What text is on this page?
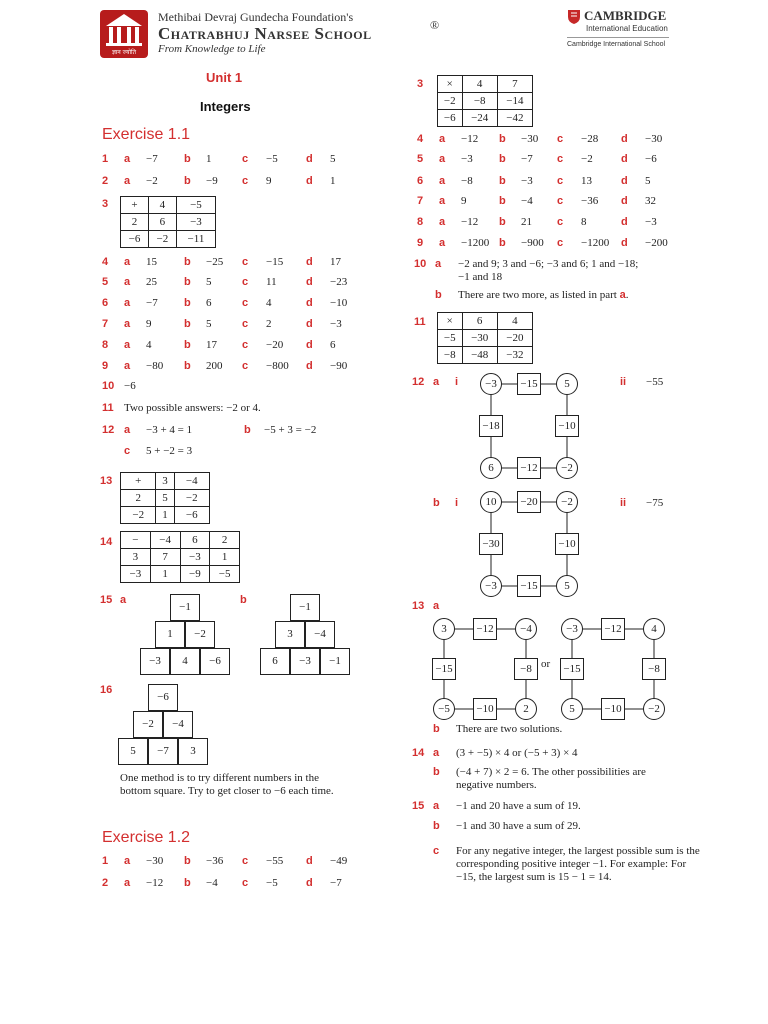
ज्ञान ज्योति
Methibai Devraj Gundecha Foundation's
Chatrabhuj Narsee School	®
From Knowledge to Life
CAMBRIDGE
International Education
Cambridge International School
Unit 1
Integers
Exercise 1.1
1 a −7 b 1	c −5	d 5
2 a −2 b −9 c 9	d 1
4 a 15 b −25 c −15 d 17
5 a 25 b 5	c 11	d −23
6 a −7 b 6	c 4	d −10
7 a 9	b 5	c 2	d −3
8 a 4	b 17 c −20 d 6
9 a −80 b 200 c −800 d −90
3 +	4	−5
2	6	−3
−6	−2	−11
10 −6
11 Two possible answers: −2 or 4.
12 a −3 + 4 = 1	b −5 + 3 = −2
c 5 + −2 = 3
13 +	3	−4
2	5	−2
−2	1	−6
14 −	−4	6	2
3	7	−3	1
−3	1	−9	−5
15 a	b
−1
1	−2
−3	4	−6
−1
3	−4
6	−3	−1
16
−6
−2	−4
5	−7	3
One method is to try different numbers in the bottom square. Try to get closer to −6 each time.
Exercise 1.2
1 a −30 b −36 c −55 d −49
2 a −12 b −4 c −5	d −7
3 ×	4	7
−2	−8	−14
−6	−24	−42
4 a −12 b −30 c −28 d −30
5 a −3 b −7 c −2	d −6
6 a −8 b −3 c 13	d 5
7 a 9	b −4 c −36 d 32
8 a −12 b 21 c 8	d −3
9 a −1200 b −900 c −1200 d −200
10 a −2 and 9; 3 and −6; −3 and 6; 1 and −18;
−1 and 18
b There are two more, as listed in part a.
11 ×	6	4
−5	−30	−20
−8	−48	−32
12 a i	ii −55
−3	5
6	−2
−15
−18	−10
−12
b i	ii −75
10	−2
−3	5
−20
−30	−10
−15
13 a
3	−4
−5	2
−12
−15	−8
−10
or
−3	4
5	−2
−12
−15	−8
−10
b There are two solutions.
14 a (3 + −5) × 4 or (−5 + 3) × 4
b (−4 + 7) × 2 = 6. The other possibilities are
negative numbers.
15 a −1 and 20 have a sum of 19.
b −1 and 30 have a sum of 29.
c For any negative integer, the largest possible sum is the corresponding positive integer −1. For example: For −15, the largest sum is 15 − 1 = 14.
